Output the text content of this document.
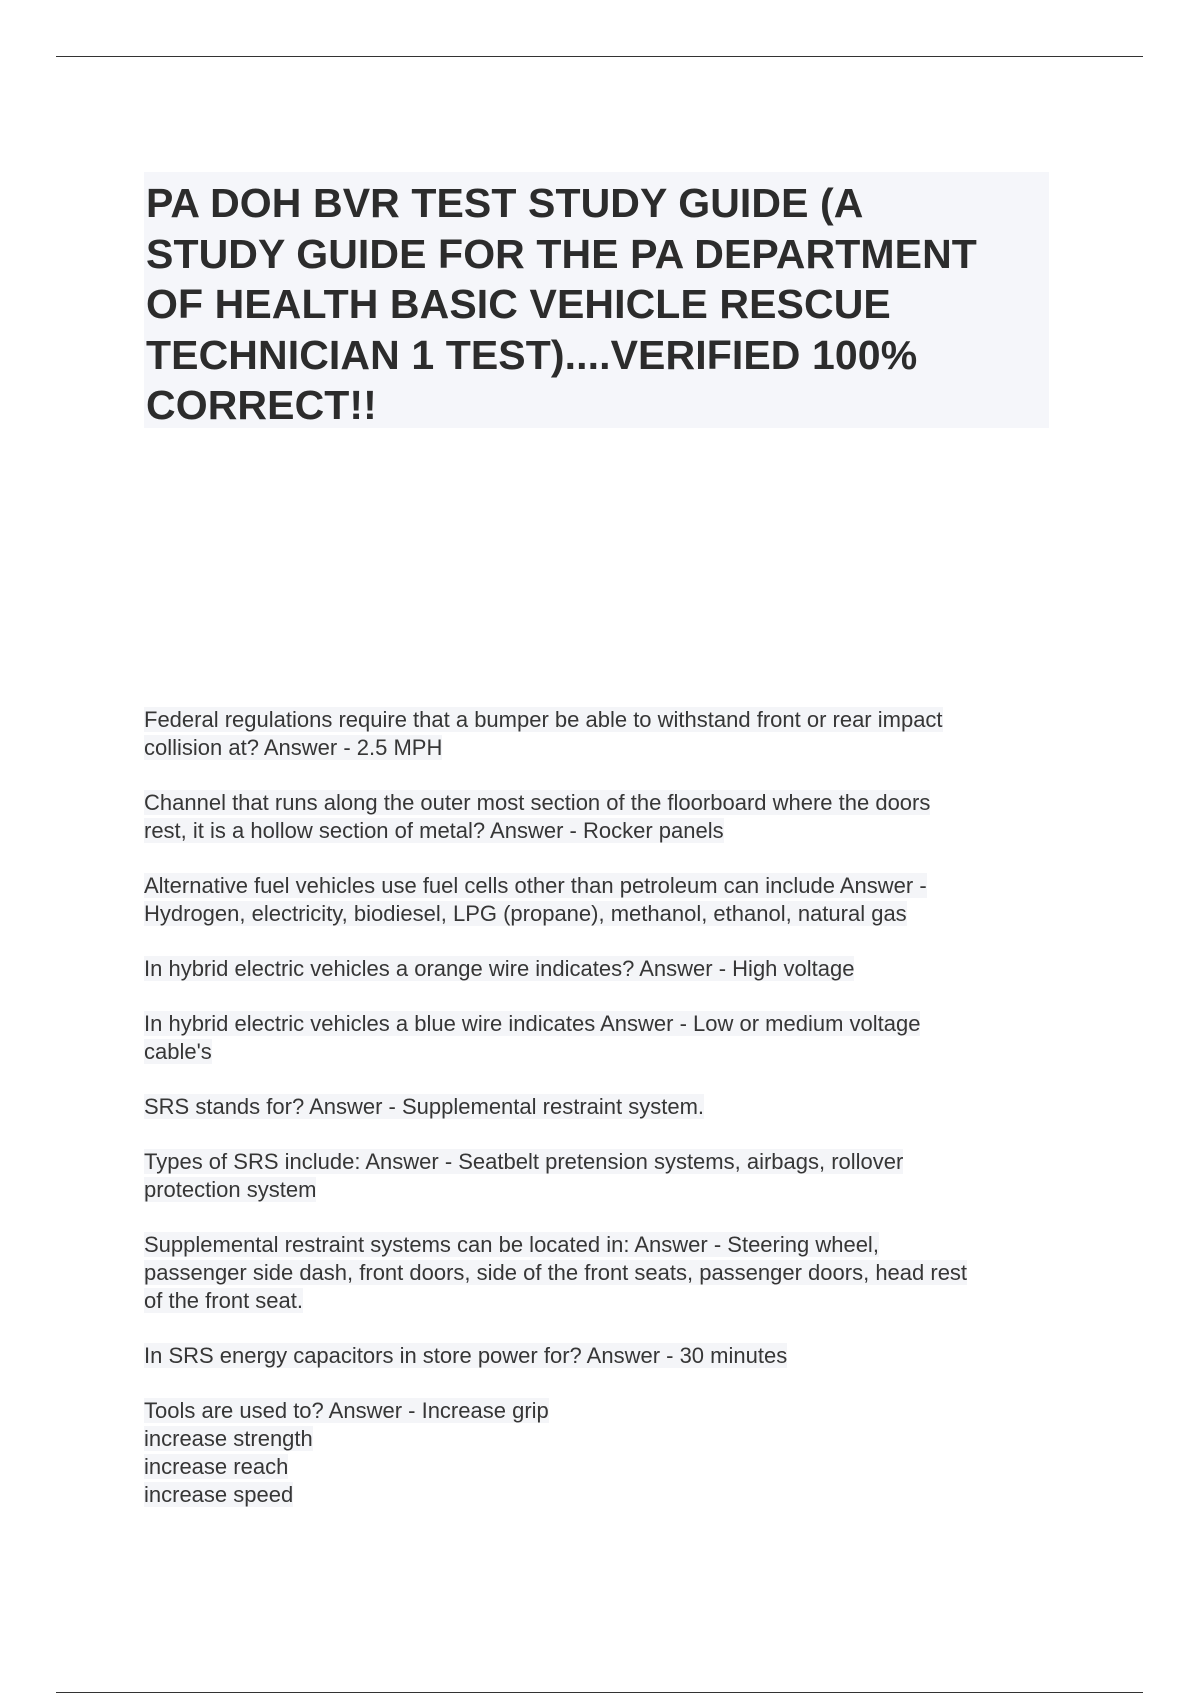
PA DOH BVR TEST STUDY GUIDE (A
STUDY GUIDE FOR THE PA DEPARTMENT
OF HEALTH BASIC VEHICLE RESCUE
TECHNICIAN 1 TEST)....VERIFIED 100%
CORRECT!!
Federal regulations require that a bumper be able to withstand front or rear impact
collision at? Answer - 2.5 MPH
Channel that runs along the outer most section of the floorboard where the doors
rest, it is a hollow section of metal? Answer - Rocker panels
Alternative fuel vehicles use fuel cells other than petroleum can include Answer -
Hydrogen, electricity, biodiesel, LPG (propane), methanol, ethanol, natural gas
In hybrid electric vehicles a orange wire indicates? Answer - High voltage
In hybrid electric vehicles a blue wire indicates Answer - Low or medium voltage
cable's
SRS stands for? Answer - Supplemental restraint system.
Types of SRS include: Answer - Seatbelt pretension systems, airbags, rollover
protection system
Supplemental restraint systems can be located in: Answer - Steering wheel,
passenger side dash, front doors, side of the front seats, passenger doors, head rest
of the front seat.
In SRS energy capacitors in store power for? Answer - 30 minutes
Tools are used to? Answer - Increase grip
increase strength
increase reach
increase speed
